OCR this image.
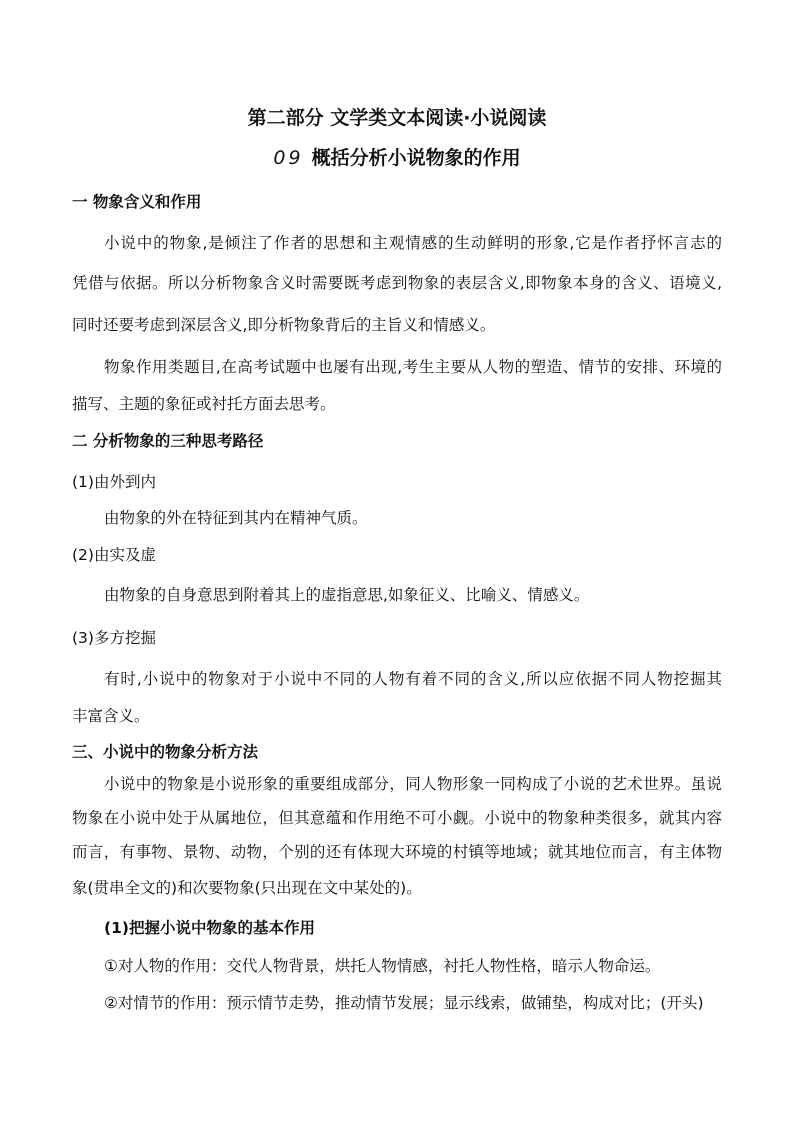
第二部分 文学类文本阅读·小说阅读
09 概括分析小说物象的作用
一 物象含义和作用
小说中的物象,是倾注了作者的思想和主观情感的生动鲜明的形象,它是作者抒怀言志的
凭借与依据。所以分析物象含义时需要既考虑到物象的表层含义,即物象本身的含义、语境义,
同时还要考虑到深层含义,即分析物象背后的主旨义和情感义。
物象作用类题目,在高考试题中也屡有出现,考生主要从人物的塑造、情节的安排、环境的
描写、主题的象征或衬托方面去思考。
二 分析物象的三种思考路径
(1)由外到内
由物象的外在特征到其内在精神气质。
(2)由实及虚
由物象的自身意思到附着其上的虚指意思,如象征义、比喻义、情感义。
(3)多方挖掘
有时,小说中的物象对于小说中不同的人物有着不同的含义,所以应依据不同人物挖掘其
丰富含义。
三、小说中的物象分析方法
小说中的物象是小说形象的重要组成部分，同人物形象一同构成了小说的艺术世界。虽说
物象在小说中处于从属地位，但其意蕴和作用绝不可小觑。小说中的物象种类很多，就其内容
而言，有事物、景物、动物，个别的还有体现大环境的村镇等地域；就其地位而言，有主体物
象(贯串全文的)和次要物象(只出现在文中某处的)。
(1)把握小说中物象的基本作用
①对人物的作用：交代人物背景，烘托人物情感，衬托人物性格，暗示人物命运。
②对情节的作用：预示情节走势，推动情节发展；显示线索，做铺垫，构成对比；(开头)
